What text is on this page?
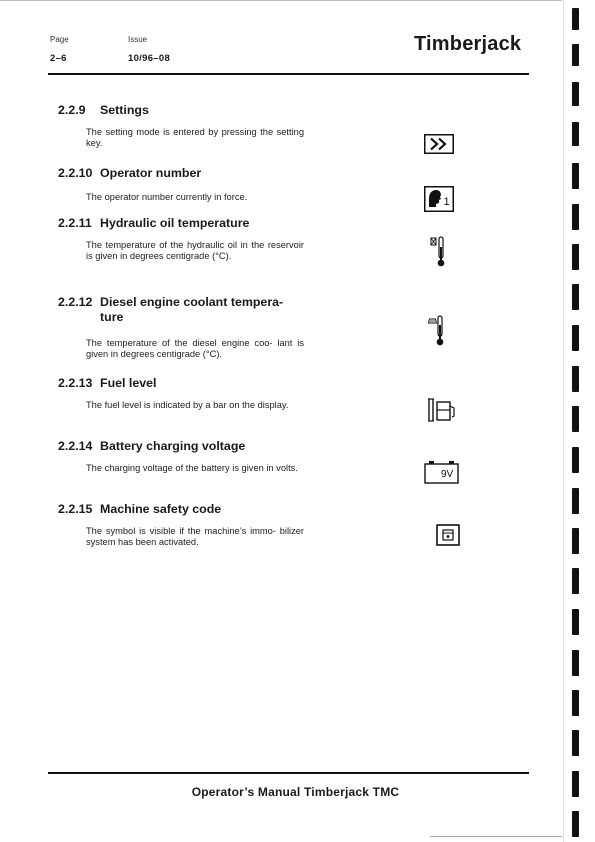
Page
2–6
Issue
10/96–08
Timberjack
2.2.9 Settings

The setting mode is entered by pressing the setting key.

2.2.10 Operator number

The operator number currently in force.	1
2.2.11 Hydraulic oil temperature

The temperature of the hydraulic oil in the reservoir is given in degrees centigrade (°C).

2.2.12 Diesel engine coolant tempera-
ture

The temperature of the diesel engine coo- lant is given in degrees centigrade (°C).

2.2.13 Fuel level

The fuel level is indicated by a bar on the display.

2.2.14 Battery charging voltage

The charging voltage of the battery is given in volts.

9V
2.2.15 Machine safety code

The symbol is visible if the machine’s immo- bilizer system has been activated.

Operator’s Manual Timberjack TMC
